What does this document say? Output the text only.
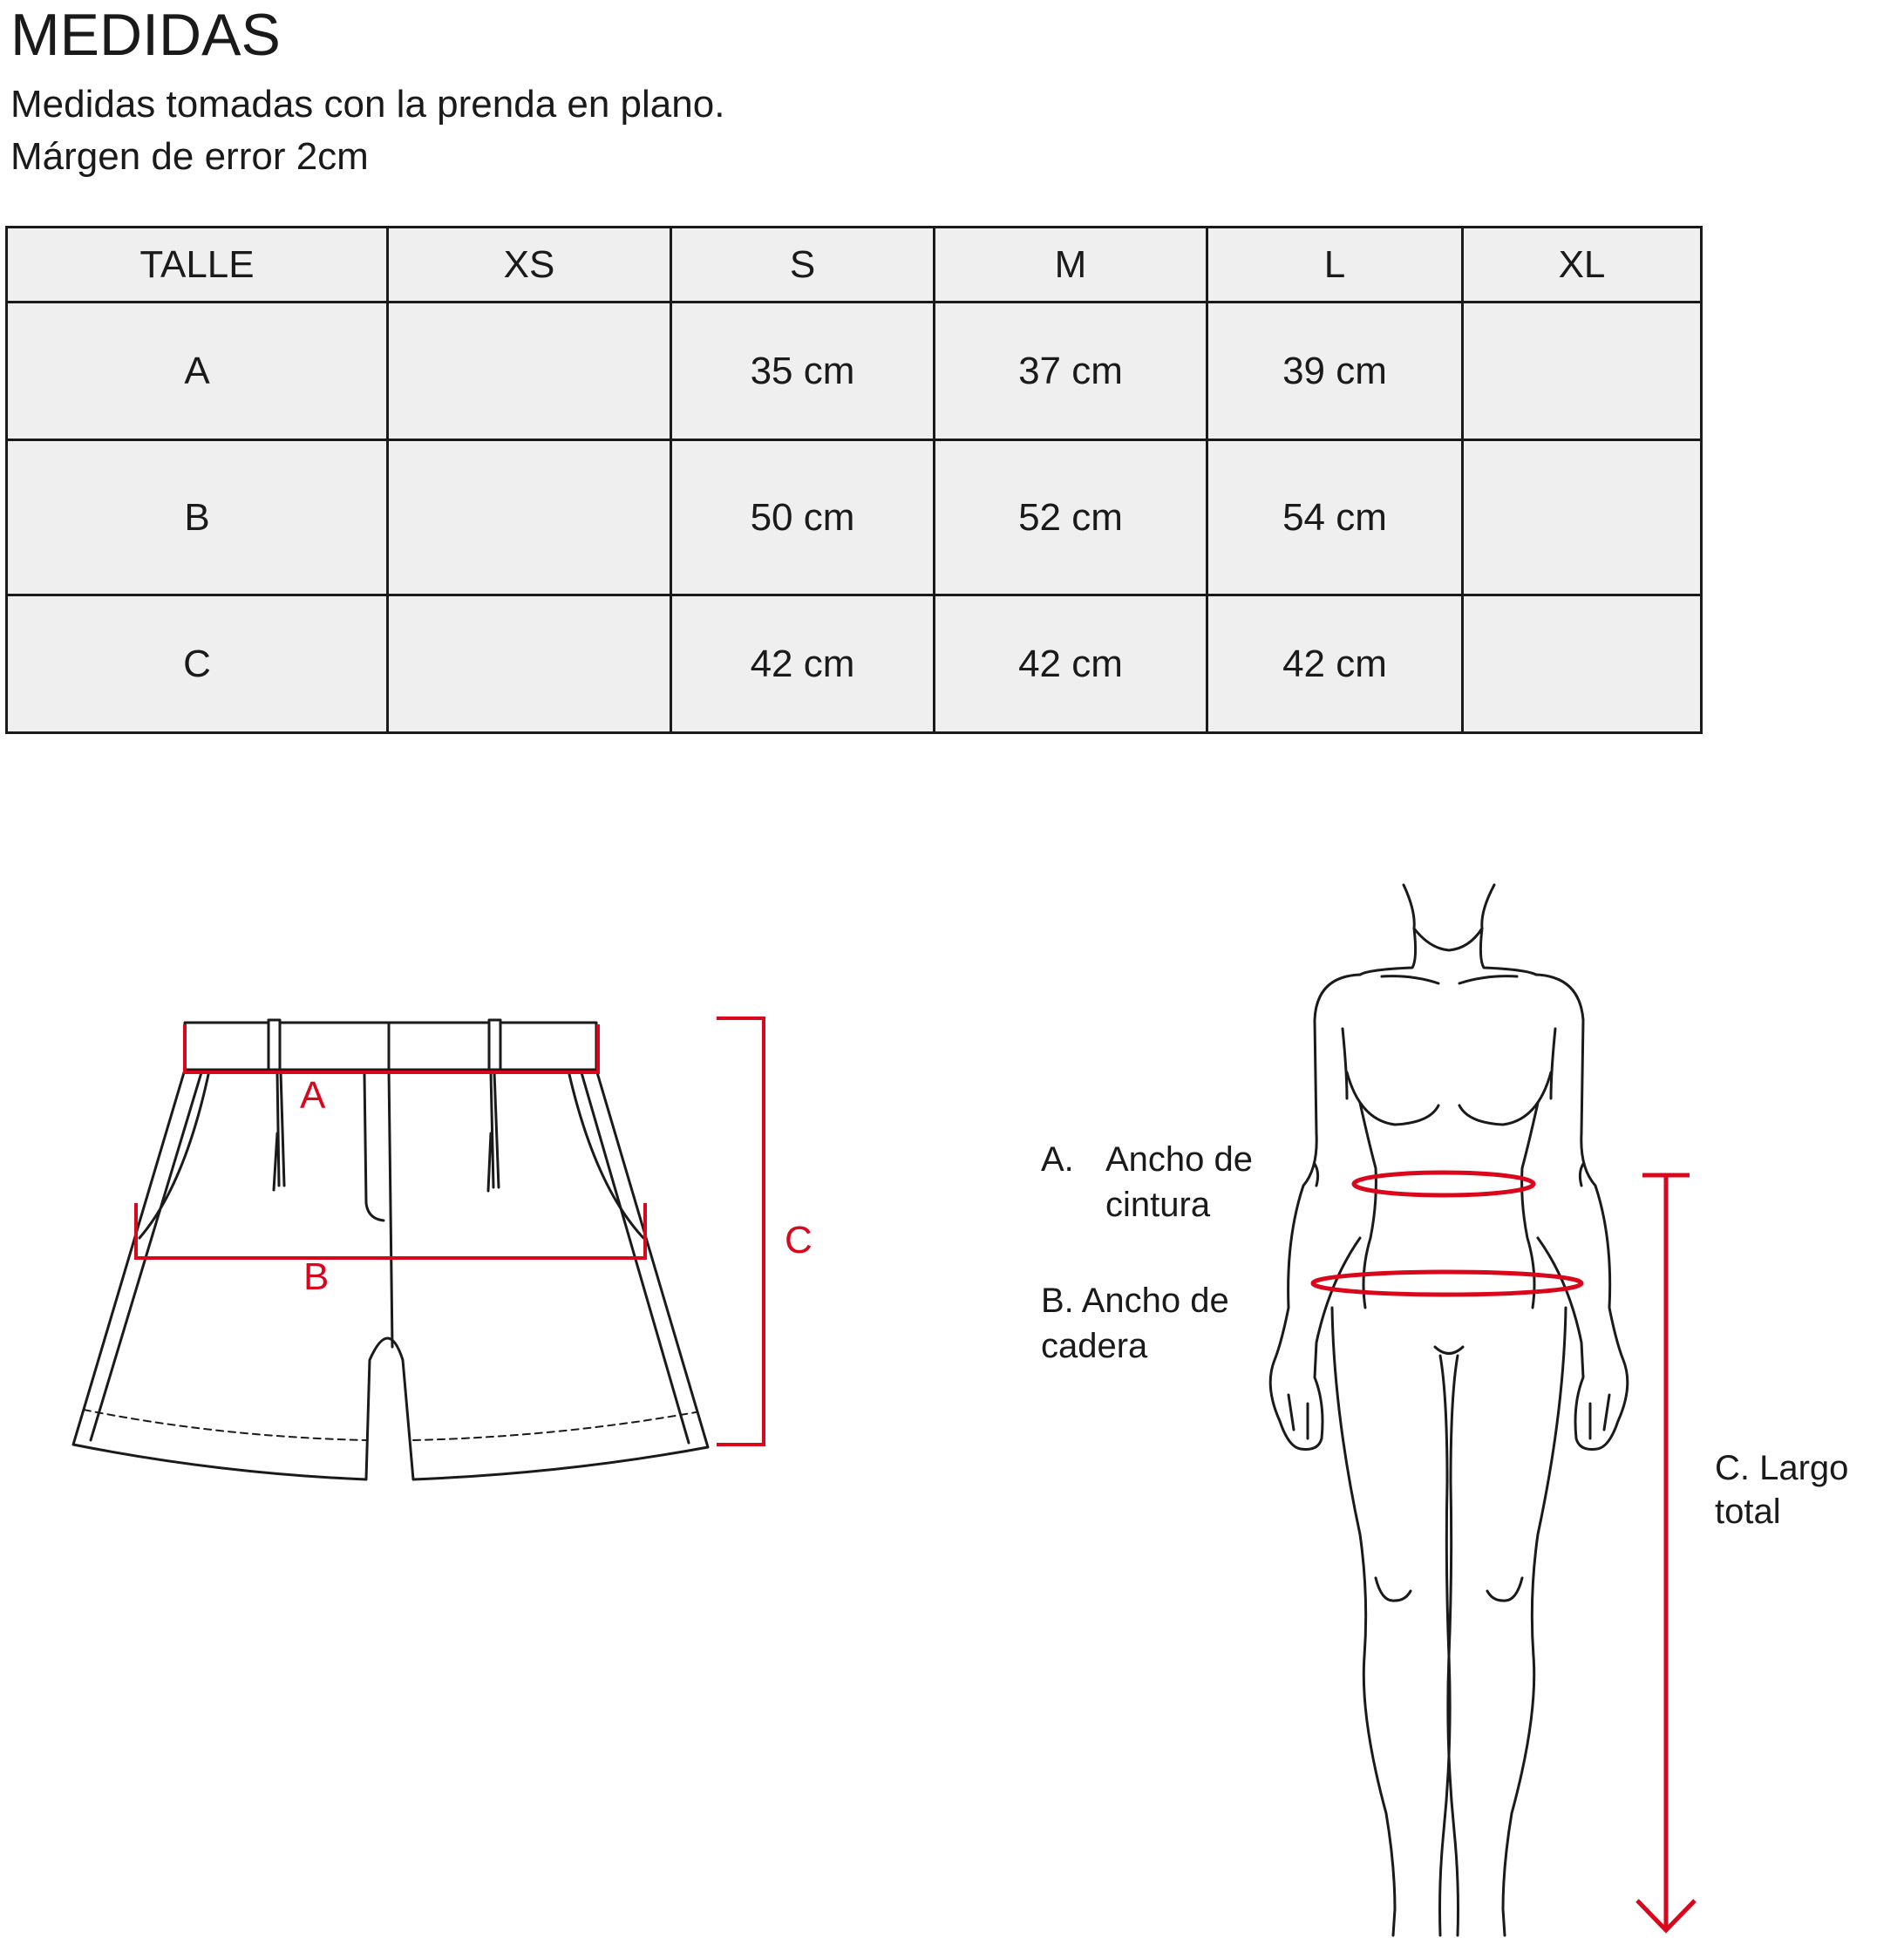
MEDIDAS
Medidas tomadas con la prenda en plano.
Márgen de error 2cm
TALLE	XS	S	M	L	XL
A		35 cm	37 cm	39 cm	
B		50 cm	52 cm	54 cm	
C		42 cm	42 cm	42 cm	
A
B
C
A. Ancho de
cintura
B. Ancho de
cadera
C. Largo
total
